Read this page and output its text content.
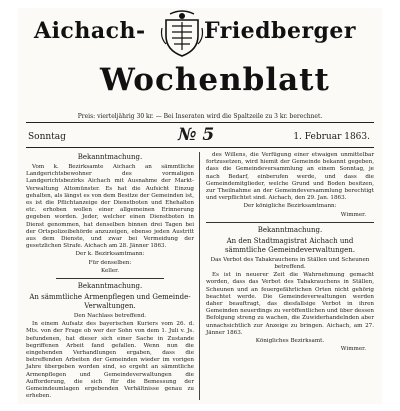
Aichach-	Friedberger
Wochenblatt
Preis: vierteljährig 30 kr. — Bei Inseraten wird die Spaltzeile zu 3 kr. berechnet.
Sonntag	№ 5	1. Februar 1863.
Bekanntmachung.

Vom k. Bezirksamte Aichach an sämmtliche Landgerichtsbewohner des vormaligen Landgerichtsbezirks Aichach mit Ausnahme der Markt-Verwaltung Altomünster. Es hat die Aufsicht Einzug gehalten, als längst es von dem Besitze der Gemeinden ist, es ist die Pflichtanzeige der Dienstboten und Ehehalten etc. erhoben wollen einer allgemeinen Erinnerung gegeben worden. Jeder, welcher einen Dienstboten in Dienst genommen, hat denselben binnen drei Tagen bei der Ortspolizeibehörde anzuzeigen, ebenso jeden Austritt aus dem Dienste, und zwar bei Vermeidung der gesetzlichen Strafe. Aichach am 28. Jänner 1863.

Der k. Bezirksamtmann:
Für denselben:
Keller.
Bekanntmachung.
An sämmtliche Armenpflegen und Gemeinde-Verwaltungen.
Den Nachlass betreffend.

In einem Aufsatz des bayerischen Kuriers vom 26. d. Mts. von der Frage ob wer der Sohn von dem 1. Juli v. Js. befundenen, hat dieser sich einer Sache in Zustande begriffenen Arbeit fand gefallen. Wenn nun die eingehenden Verhandlungen ergaben, dass die betreffenden Arbeiten der Gemeinden wieder im vorigen Jahre übergeben worden sind, so ergeht an sämmtliche Armenpflegen und Gemeindeverwaltungen die Aufforderung, die sich für die Bemessung der Gemeindeumlagen ergebenden Verhältnisse genau zu erheben.

des Willens, die Verfügung einer etwaigen unmittelbar fortzusetzen, wird hiemit der Gemeinde bekannt gegeben, dass die Gemeindeversammlung an einem Sonntag, je nach Bedarf, einberufen werde, und dass die Gemeindemitglieder, welche Grund und Boden besitzen, zur Theilnahme an der Gemeindeversammlung berechtigt und verpflichtet sind. Aichach, den 29. Jan. 1863.

Der königliche Bezirksamtmann:
Wimmer.
Bekanntmachung.
An den Stadtmagistrat Aichach und sämmtliche Gemeindeverwaltungen.
Das Verbot des Tabakrauchens in Ställen und Scheunen betreffend.

Es ist in neuerer Zeit die Wahrnehmung gemacht worden, dass das Verbot des Tabakrauchens in Ställen, Scheunen und an feuergefährlichen Orten nicht gehörig beachtet werde. Die Gemeindeverwaltungen werden daher beauftragt, das diesfallsige Verbot in ihren Gemeinden neuerdings zu veröffentlichen und über dessen Befolgung streng zu wachen, die Zuwiderhandelnden aber unnachsichtlich zur Anzeige zu bringen. Aichach, am 27. Jänner 1863.

Königliches Bezirksamt.
Wimmer.
